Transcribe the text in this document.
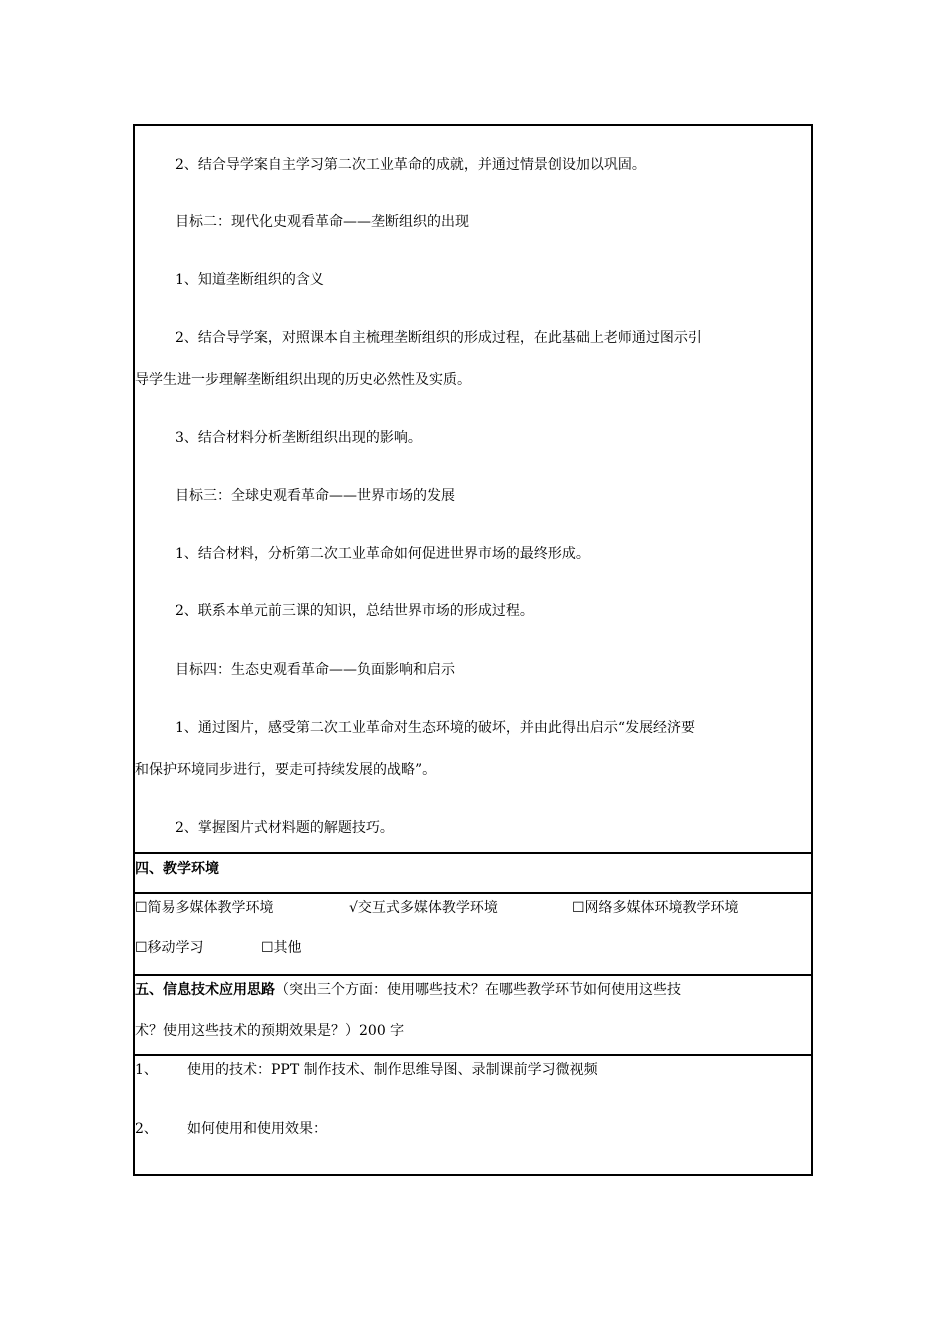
2、结合导学案自主学习第二次工业革命的成就，并通过情景创设加以巩固。
目标二：现代化史观看革命——垄断组织的出现
1、知道垄断组织的含义
2、结合导学案，对照课本自主梳理垄断组织的形成过程，在此基础上老师通过图示引
导学生进一步理解垄断组织出现的历史必然性及实质。
3、结合材料分析垄断组织出现的影响。
目标三：全球史观看革命——世界市场的发展
1、结合材料，分析第二次工业革命如何促进世界市场的最终形成。
2、联系本单元前三课的知识，总结世界市场的形成过程。
目标四：生态史观看革命——负面影响和启示
1、通过图片，感受第二次工业革命对生态环境的破坏，并由此得出启示“发展经济要
和保护环境同步进行，要走可持续发展的战略”。
2、掌握图片式材料题的解题技巧。
四、教学环境
☐简易多媒体教学环境	√交互式多媒体教学环境	☐网络多媒体环境教学环境
☐移动学习	☐其他
五、信息技术应用思路（突出三个方面：使用哪些技术？在哪些教学环节如何使用这些技
术？使用这些技术的预期效果是？）200 字
1、 使用的技术：PPT 制作技术、制作思维导图、录制课前学习微视频
2、 如何使用和使用效果：
